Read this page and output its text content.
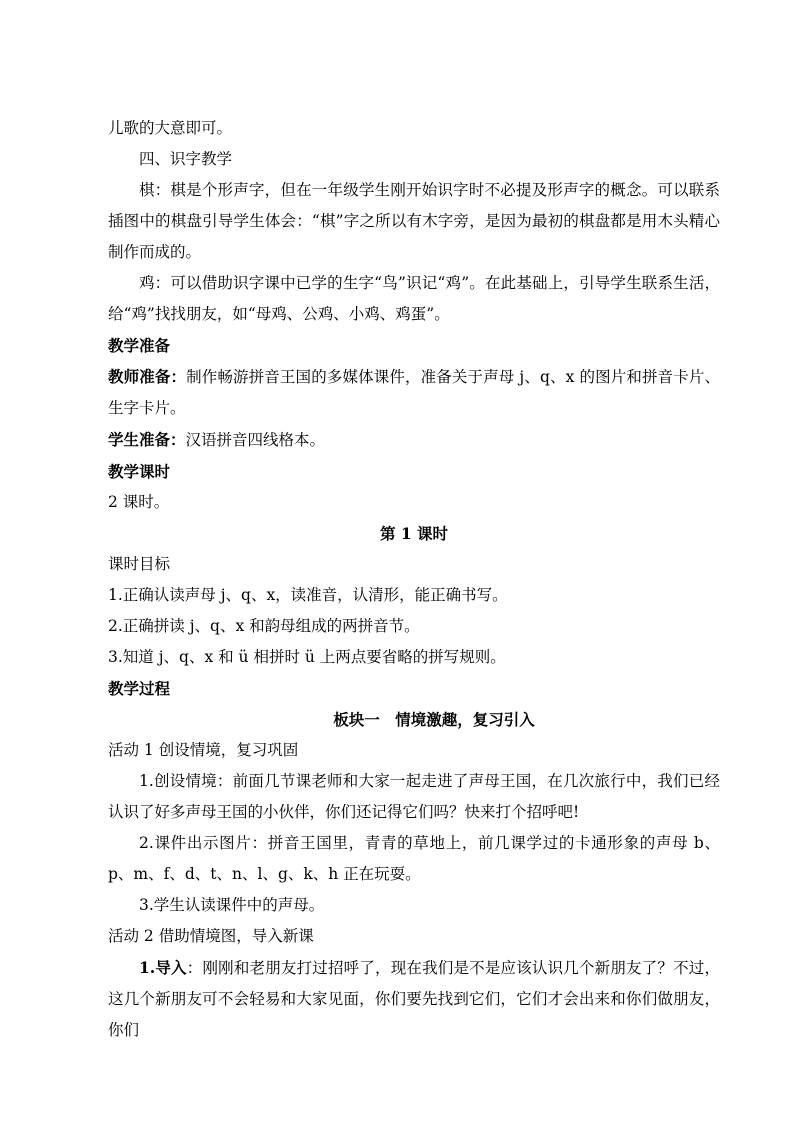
儿歌的大意即可。

四、识字教学

棋：棋是个形声字，但在一年级学生刚开始识字时不必提及形声字的概念。可以联系插图中的棋盘引导学生体会：“棋”字之所以有木字旁，是因为最初的棋盘都是用木头精心制作而成的。

鸡：可以借助识字课中已学的生字“鸟”识记“鸡”。在此基础上，引导学生联系生活，给“鸡”找找朋友，如“母鸡、公鸡、小鸡、鸡蛋”。

教学准备

教师准备：制作畅游拼音王国的多媒体课件，准备关于声母 j、q、x 的图片和拼音卡片、生字卡片。

学生准备：汉语拼音四线格本。

教学课时

2 课时。

第 1 课时

课时目标

1.正确认读声母 j、q、x，读准音，认清形，能正确书写。

2.正确拼读 j、q、x 和韵母组成的两拼音节。

3.知道 j、q、x 和 ü 相拼时 ü 上两点要省略的拼写规则。

教学过程

板块一　情境激趣，复习引入

活动 1 创设情境，复习巩固

1.创设情境：前面几节课老师和大家一起走进了声母王国，在几次旅行中，我们已经认识了好多声母王国的小伙伴，你们还记得它们吗？快来打个招呼吧!

2.课件出示图片：拼音王国里，青青的草地上，前几课学过的卡通形象的声母 b、p、m、f、d、t、n、l、g、k、h 正在玩耍。

3.学生认读课件中的声母。

活动 2 借助情境图，导入新课

1.导入：刚刚和老朋友打过招呼了，现在我们是不是应该认识几个新朋友了？不过，这几个新朋友可不会轻易和大家见面，你们要先找到它们，它们才会出来和你们做朋友，你们
